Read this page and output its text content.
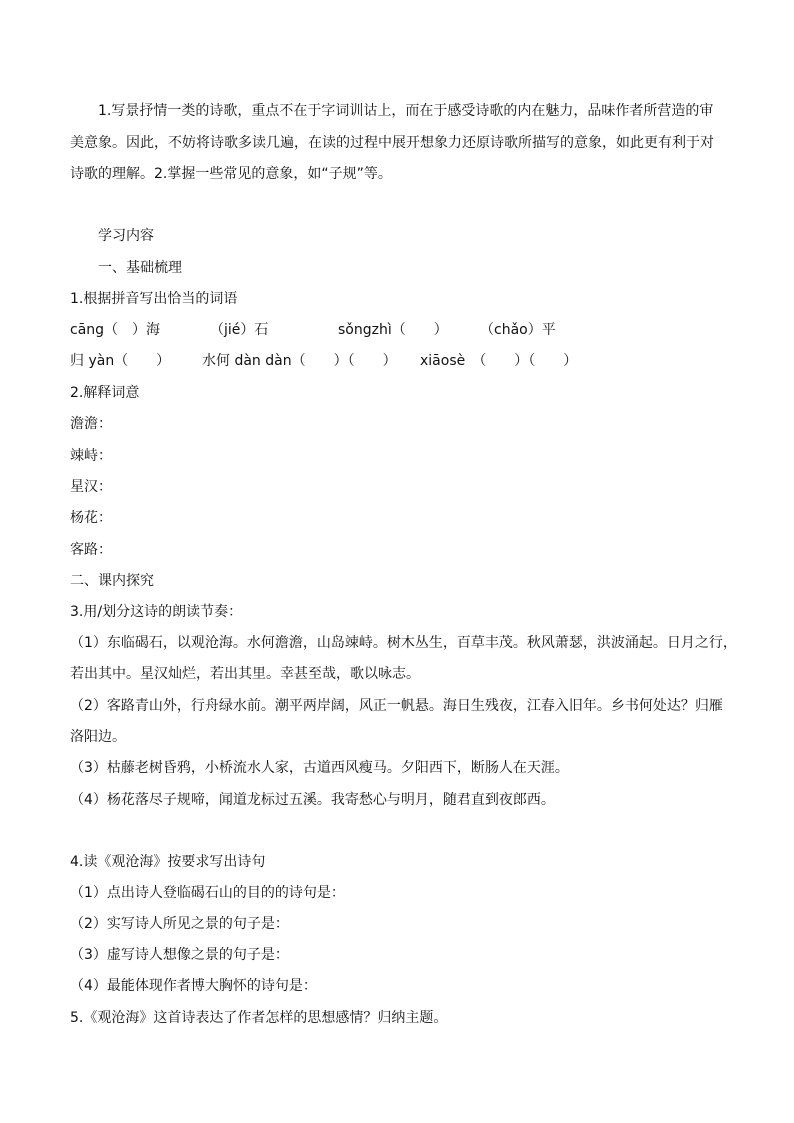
1.写景抒情一类的诗歌，重点不在于字词训诂上，而在于感受诗歌的内在魅力，品味作者所营造的审
美意象。因此，不妨将诗歌多读几遍，在读的过程中展开想象力还原诗歌所描写的意象，如此更有利于对
诗歌的理解。2.掌握一些常见的意象，如“子规”等。
学习内容
一、基础梳理
1.根据拼音写出恰当的词语
cāng（　）海	（jié）石	sǒngzhì（　　） （chǎo）平
归 yàn（　　） 水何 dàn dàn（　　）（　　） xiāosè　（　　）（　　）
2.解释词意
澹澹：
竦峙：
星汉：
杨花：
客路：
二、课内探究
3.用/划分这诗的朗读节奏：
（1）东临碣石，以观沧海。水何澹澹，山岛竦峙。树木丛生，百草丰茂。秋风萧瑟，洪波涌起。日月之行，
若出其中。星汉灿烂，若出其里。幸甚至哉，歌以咏志。
（2）客路青山外，行舟绿水前。潮平两岸阔，风正一帆悬。海日生残夜，江春入旧年。乡书何处达？归雁
洛阳边。
（3）枯藤老树昏鸦，小桥流水人家，古道西风瘦马。夕阳西下，断肠人在天涯。
（4）杨花落尽子规啼，闻道龙标过五溪。我寄愁心与明月，随君直到夜郎西。
4.读《观沧海》按要求写出诗句
（1）点出诗人登临碣石山的目的的诗句是：
（2）实写诗人所见之景的句子是：
（3）虚写诗人想像之景的句子是：
（4）最能体现作者博大胸怀的诗句是：
5.《观沧海》这首诗表达了作者怎样的思想感情？归纳主题。
